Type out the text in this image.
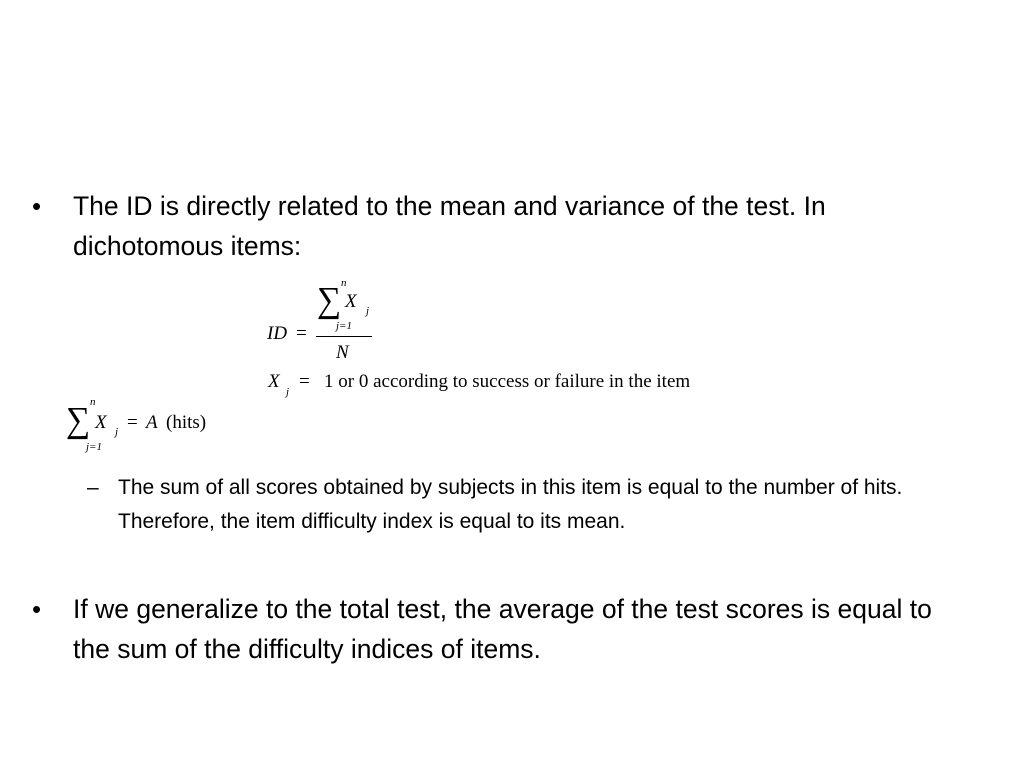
• The ID is directly related to the mean and variance of the test. In dichotomous items:
n
∑ X j
j=1
ID =
N
X j = 1 or 0 according to success or failure in the item
n
∑ X j = A (hits)
j=1
– The sum of all scores obtained by subjects in this item is equal to the number of hits. Therefore, the item difficulty index is equal to its mean.
• If we generalize to the total test, the average of the test scores is equal to the sum of the difficulty indices of items.
